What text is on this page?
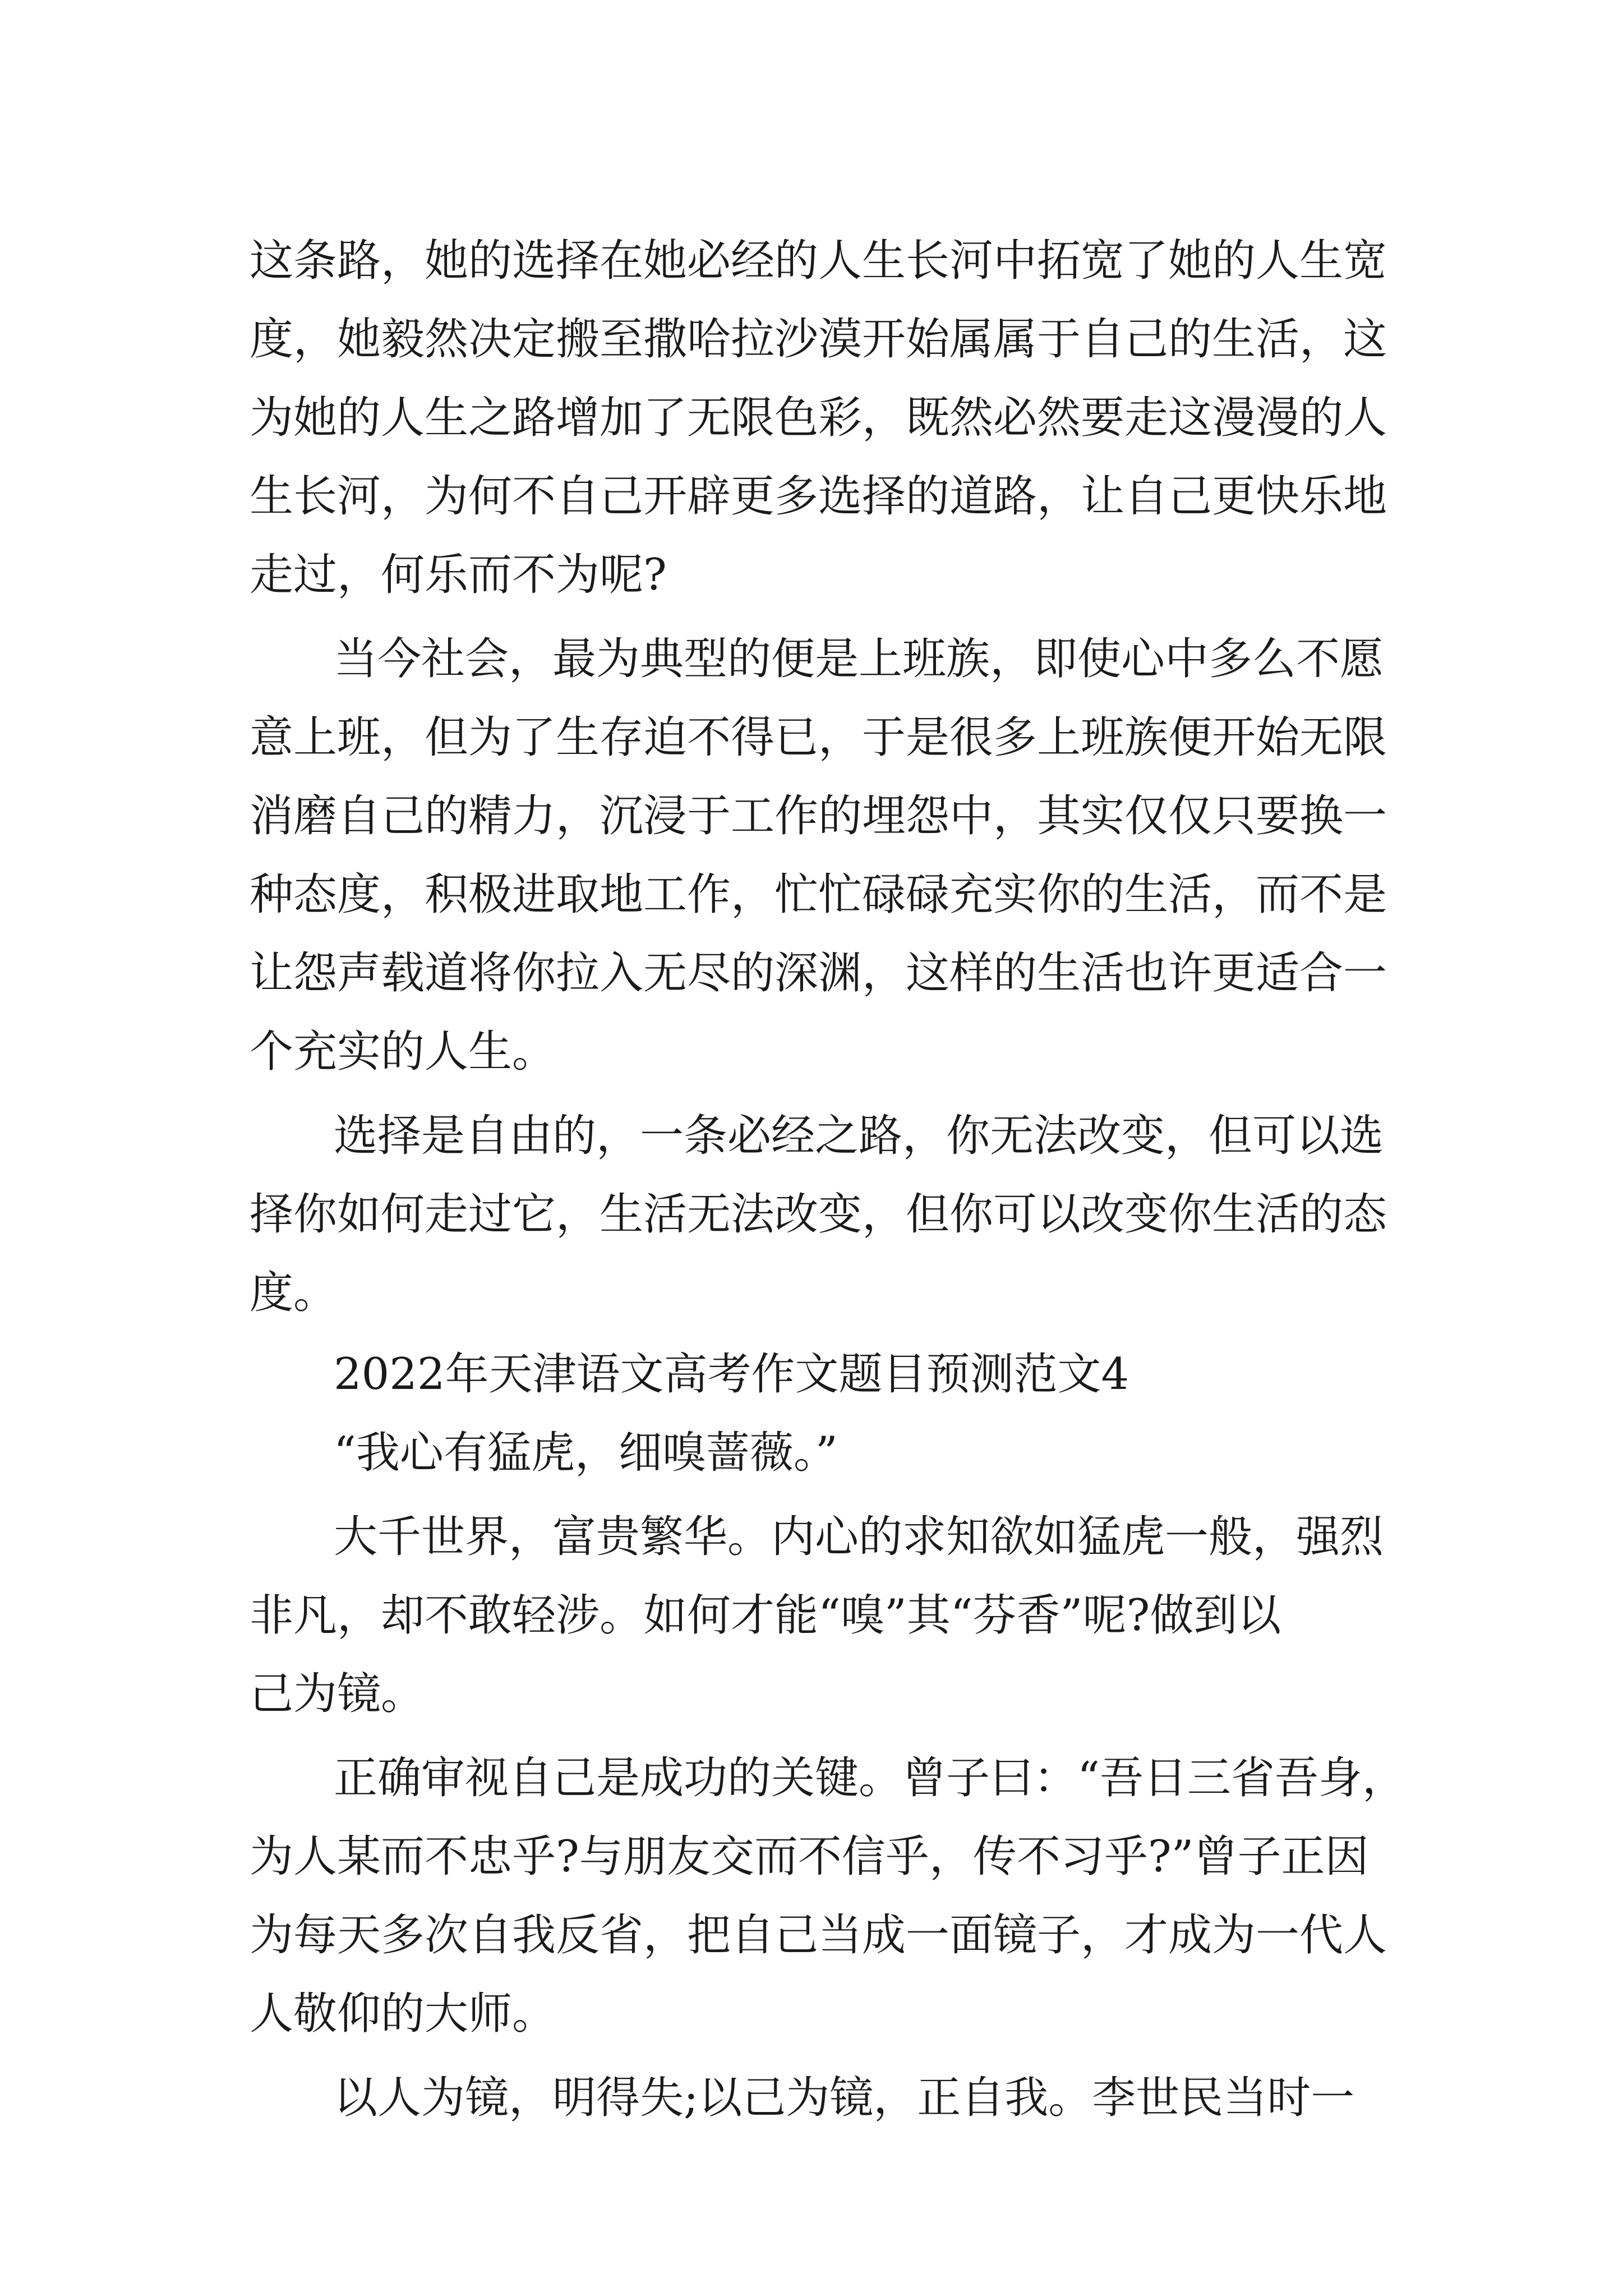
这条路，她的选择在她必经的人生长河中拓宽了她的人生宽
度，她毅然决定搬至撒哈拉沙漠开始属属于自己的生活，这
为她的人生之路增加了无限色彩，既然必然要走这漫漫的人
生长河，为何不自己开辟更多选择的道路，让自己更快乐地
走过，何乐而不为呢?
当今社会，最为典型的便是上班族，即使心中多么不愿
意上班，但为了生存迫不得已，于是很多上班族便开始无限
消磨自己的精力，沉浸于工作的埋怨中，其实仅仅只要换一
种态度，积极进取地工作，忙忙碌碌充实你的生活，而不是
让怨声载道将你拉入无尽的深渊，这样的生活也许更适合一
个充实的人生。
选择是自由的，一条必经之路，你无法改变，但可以选
择你如何走过它，生活无法改变，但你可以改变你生活的态
度。
2022年天津语文高考作文题目预测范文4
“我心有猛虎，细嗅蔷薇。”
大千世界，富贵繁华。内心的求知欲如猛虎一般，强烈
非凡，却不敢轻涉。如何才能“嗅”其“芬香”呢?做到以
己为镜。
正确审视自己是成功的关键。曾子曰：“吾日三省吾身，
为人某而不忠乎?与朋友交而不信乎，传不习乎?”曾子正因
为每天多次自我反省，把自己当成一面镜子，才成为一代人
人敬仰的大师。
以人为镜，明得失;以己为镜，正自我。李世民当时一
